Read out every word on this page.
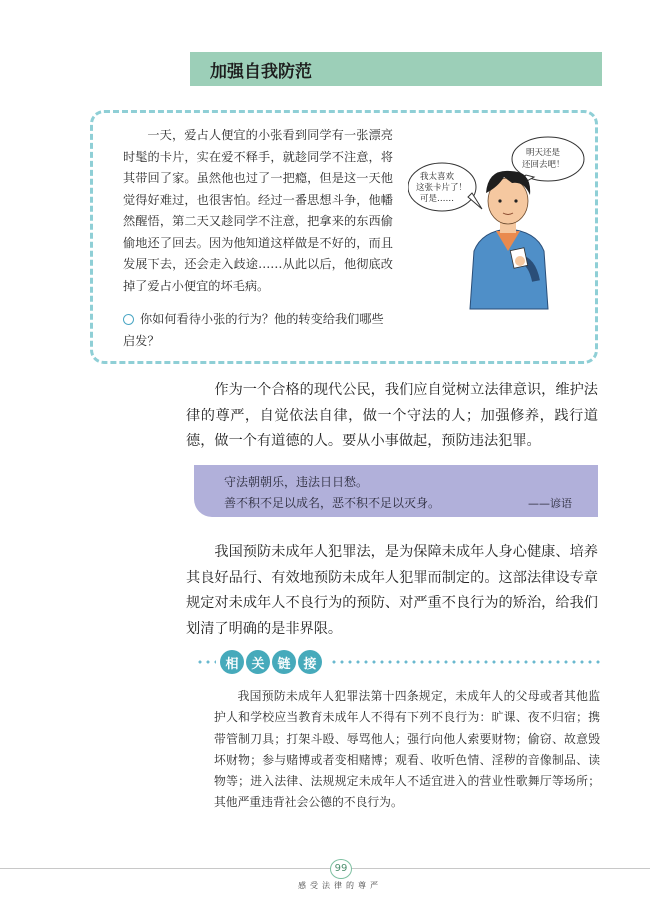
加强自我防范

一天，爱占人便宜的小张看到同学有一张漂亮时髦的卡片，实在爱不释手，就趁同学不注意，将其带回了家。虽然他也过了一把瘾，但是这一天他觉得好难过，也很害怕。经过一番思想斗争，他幡然醒悟，第二天又趁同学不注意，把拿来的东西偷偷地还了回去。因为他知道这样做是不好的，而且发展下去，还会走入歧途……从此以后，他彻底改掉了爱占小便宜的坏毛病。

你如何看待小张的行为？他的转变给我们哪些启发？
我太喜欢
这张卡片了！
可是……
明天还是
还回去吧！

作为一个合格的现代公民，我们应自觉树立法律意识，维护法律的尊严，自觉依法自律，做一个守法的人；加强修养，践行道德，做一个有道德的人。要从小事做起，预防违法犯罪。

守法朝朝乐，违法日日愁。
善不积不足以成名，恶不积不足以灭身。	——谚语

我国预防未成年人犯罪法，是为保障未成年人身心健康、培养其良好品行、有效地预防未成年人犯罪而制定的。这部法律设专章规定对未成年人不良行为的预防、对严重不良行为的矫治，给我们划清了明确的是非界限。

相 关 链 接

我国预防未成年人犯罪法第十四条规定，未成年人的父母或者其他监护人和学校应当教育未成年人不得有下列不良行为：旷课、夜不归宿；携带管制刀具；打架斗殴、辱骂他人；强行向他人索要财物；偷窃、故意毁坏财物；参与赌博或者变相赌博；观看、收听色情、淫秽的音像制品、读物等；进入法律、法规规定未成年人不适宜进入的营业性歌舞厅等场所；其他严重违背社会公德的不良行为。

99
感受法律的尊严
